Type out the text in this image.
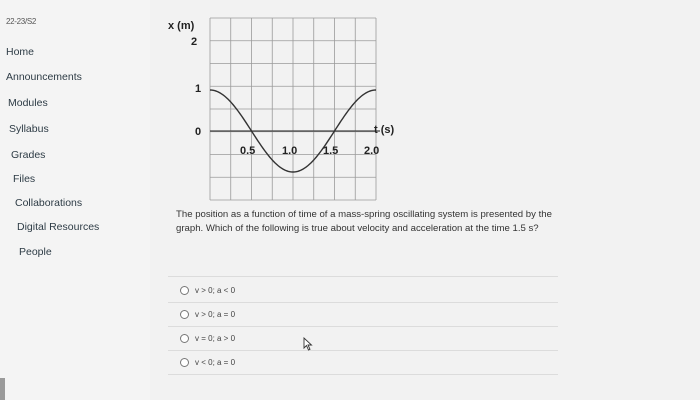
22-23/S2
Home
Announcements
Modules
Syllabus
Grades
Files
Collaborations
Digital Resources
People
x (m)
2
1
0	t (s)
0.5 1.0 1.5 2.0

The position as a function of time of a mass-spring oscillating system is presented by the graph. Which of the following is true about velocity and acceleration at the time 1.5 s?

v > 0; a < 0
v > 0; a = 0
v = 0; a > 0
v < 0; a = 0
